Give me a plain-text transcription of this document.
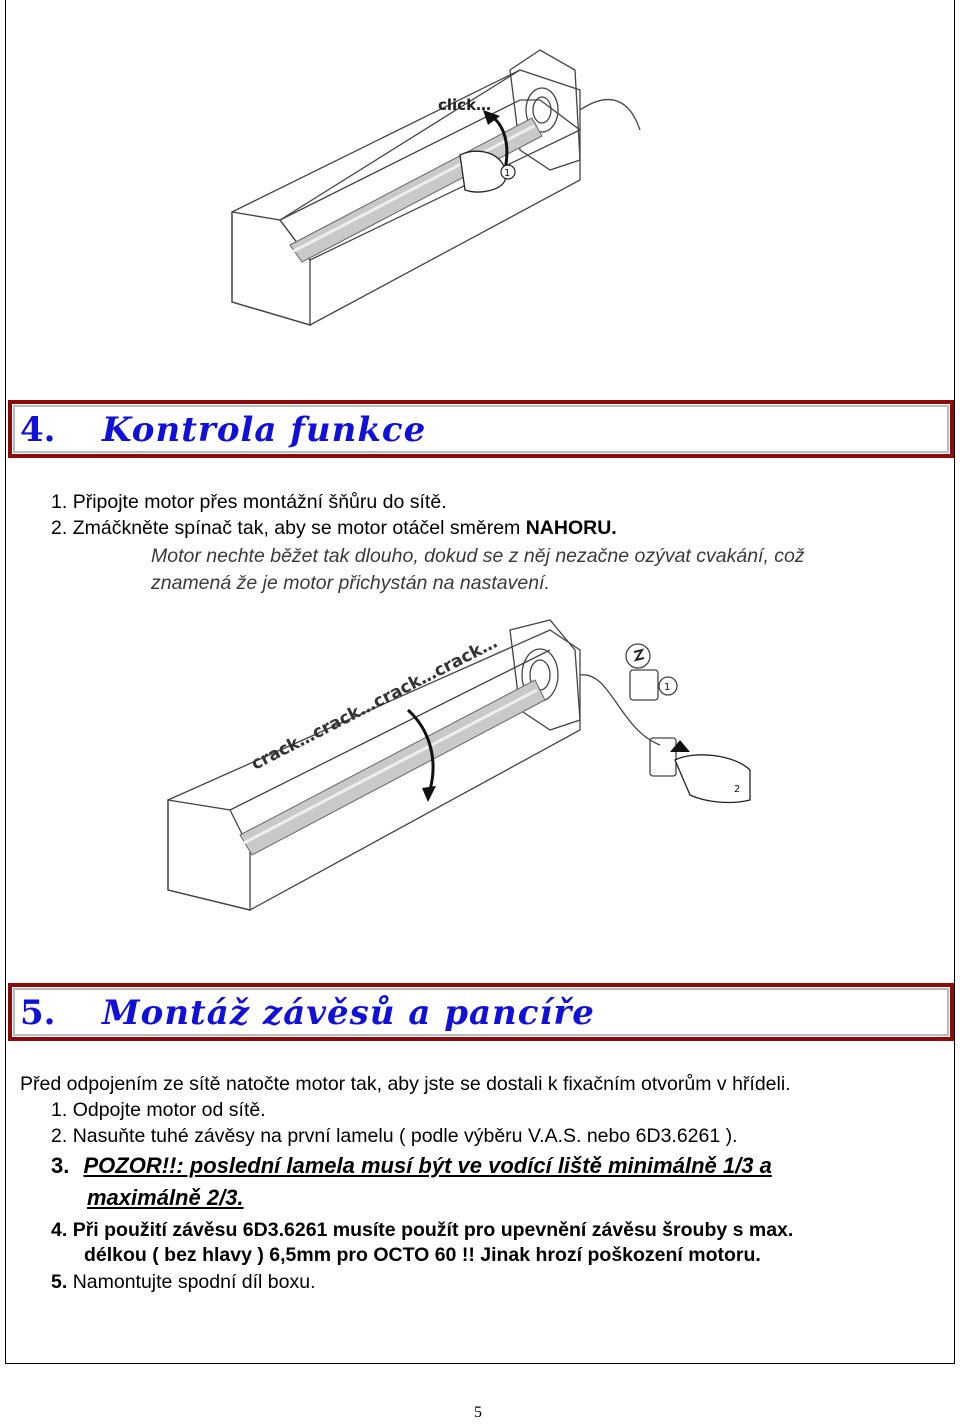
1
click…
4. Kontrola funkce
1. Připojte motor přes montážní šňůru do sítě.
2. Zmáčkněte spínač tak, aby se motor otáčel směrem NAHORU.
Motor nechte běžet tak dlouho, dokud se z něj nezačne ozývat cvakání, což
znamená že je motor přichystán na nastavení.
crack…crack…crack…crack…	1
2
5. Montáž závěsů a pancíře
Před odpojením ze sítě natočte motor tak, aby jste se dostali k fixačním otvorům v hřídeli.
1. Odpojte motor od sítě.
2. Nasuňte tuhé závěsy na první lamelu ( podle výběru V.A.S. nebo 6D3.6261 ).
3. POZOR!!: poslední lamela musí být ve vodící liště minimálně 1/3 a
maximálně 2/3.
4. Při použití závěsu 6D3.6261 musíte použít pro upevnění závěsu šrouby s max.
délkou ( bez hlavy ) 6,5mm pro OCTO 60 !! Jinak hrozí poškození motoru.
5. Namontujte spodní díl boxu.
5
